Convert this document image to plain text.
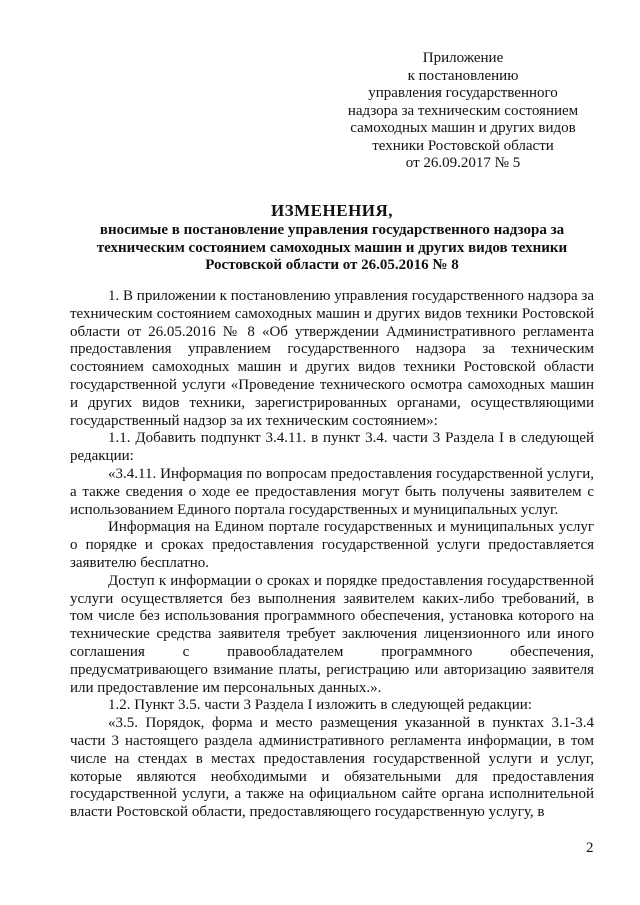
Приложение
к постановлению
управления государственного
надзора за техническим состоянием
самоходных машин и других видов
техники Ростовской области
от 26.09.2017 № 5
ИЗМЕНЕНИЯ,
вносимые в постановление управления государственного надзора за
техническим состоянием самоходных машин и других видов техники
Ростовской области от 26.05.2016 № 8

1. В приложении к постановлению управления государственного надзора за техническим состоянием самоходных машин и других видов техники Ростовской области от 26.05.2016 № 8 «Об утверждении Административного регламента предоставления управлением государственного надзора за техническим состоянием самоходных машин и других видов техники Ростовской области государственной услуги «Проведение технического осмотра самоходных машин и других видов техники, зарегистрированных органами, осуществляющими государственный надзор за их техническим состоянием»:

1.1. Добавить подпункт 3.4.11. в пункт 3.4. части 3 Раздела I в следующей редакции:

«3.4.11. Информация по вопросам предоставления государственной услуги, а также сведения о ходе ее предоставления могут быть получены заявителем с использованием Единого портала государственных и муниципальных услуг.

Информация на Едином портале государственных и муниципальных услуг о порядке и сроках предоставления государственной услуги предоставляется заявителю бесплатно.

Доступ к информации о сроках и порядке предоставления государственной услуги осуществляется без выполнения заявителем каких-либо требований, в том числе без использования программного обеспечения, установка которого на технические средства заявителя требует заключения лицензионного или иного соглашения с правообладателем программного обеспечения, предусматривающего взимание платы, регистрацию или авторизацию заявителя или предоставление им персональных данных.».

1.2. Пункт 3.5. части 3 Раздела I изложить в следующей редакции:

«3.5. Порядок, форма и место размещения указанной в пунктах 3.1-3.4 части 3 настоящего раздела административного регламента информации, в том числе на стендах в местах предоставления государственной услуги и услуг, которые являются необходимыми и обязательными для предоставления государственной услуги, а также на официальном сайте органа исполнительной власти Ростовской области, предоставляющего государственную услугу, в

2
